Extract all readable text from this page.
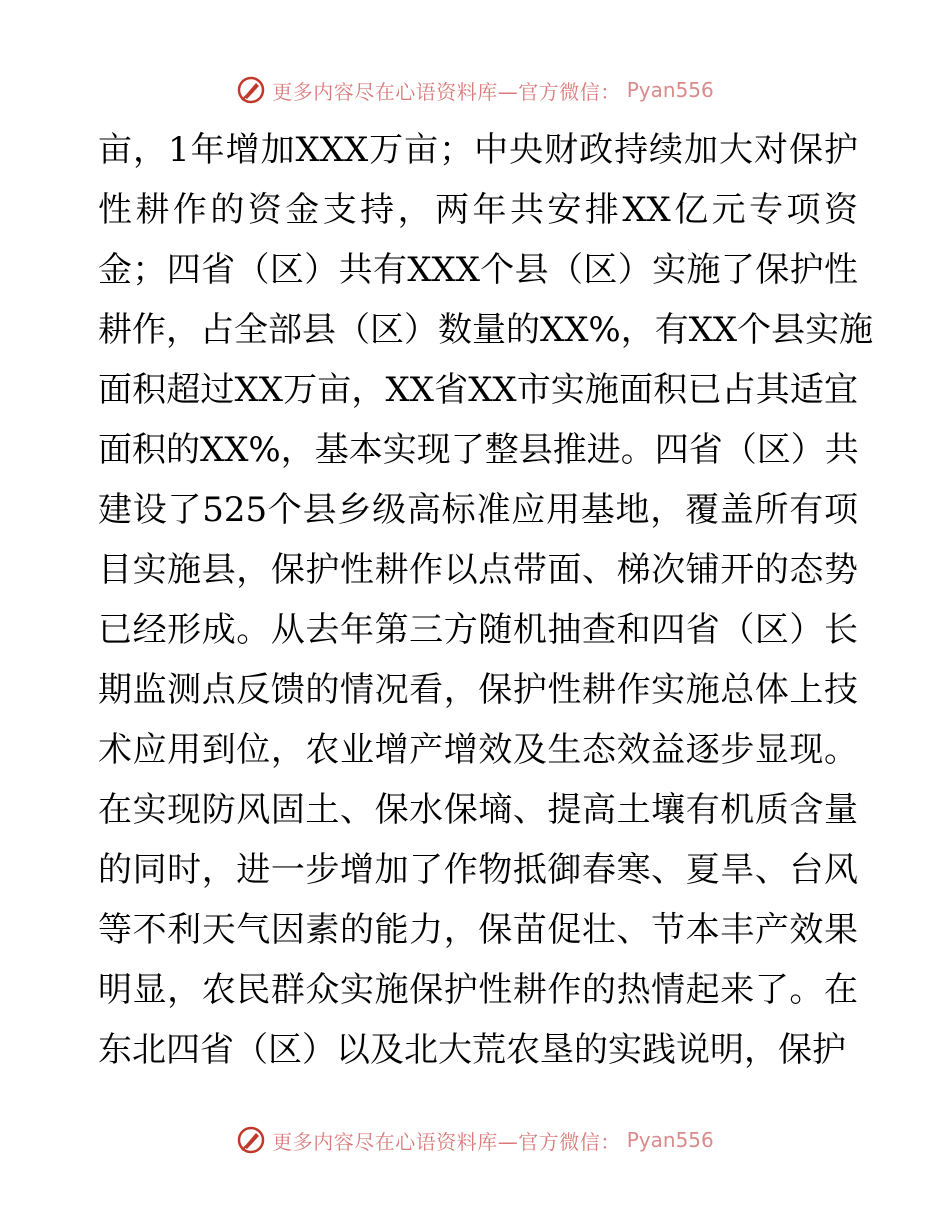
更多内容尽在心语资料库—官方微信： Pyan556
亩，1年增加XXX万亩；中央财政持续加大对保护
性耕作的资金支持，两年共安排XX亿元专项资
金；四省（区）共有XXX个县（区）实施了保护性
耕作，占全部县（区）数量的XX%，有XX个县实施
面积超过XX万亩，XX省XX市实施面积已占其适宜
面积的XX%，基本实现了整县推进。四省（区）共
建设了525个县乡级高标准应用基地，覆盖所有项
目实施县，保护性耕作以点带面、梯次铺开的态势
已经形成。从去年第三方随机抽查和四省（区）长
期监测点反馈的情况看，保护性耕作实施总体上技
术应用到位，农业增产增效及生态效益逐步显现。
在实现防风固土、保水保墒、提高土壤有机质含量
的同时，进一步增加了作物抵御春寒、夏旱、台风
等不利天气因素的能力，保苗促壮、节本丰产效果
明显，农民群众实施保护性耕作的热情起来了。在
东北四省（区）以及北大荒农垦的实践说明，保护
更多内容尽在心语资料库—官方微信： Pyan556
